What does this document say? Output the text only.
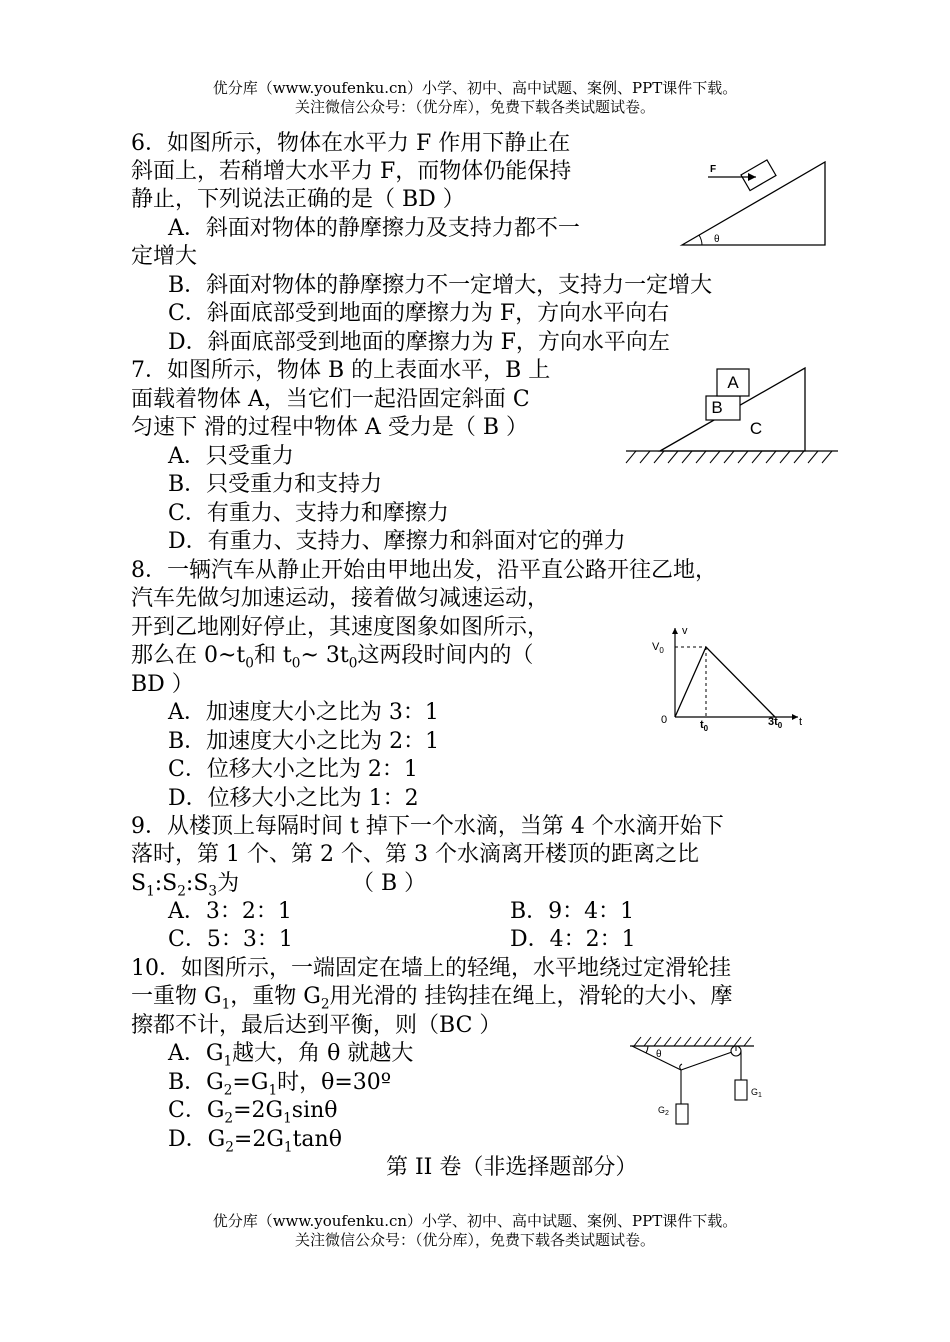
优分库（www.youfenku.cn）小学、初中、高中试题、案例、PPT课件下载。
关注微信公众号：（优分库），免费下载各类试题试卷。
6．如图所示，物体在水平力 F 作用下静止在
斜面上，若稍增大水平力 F，而物体仍能保持
静止，下列说法正确的是（ BD ）
A．斜面对物体的静摩擦力及支持力都不一
定增大
B．斜面对物体的静摩擦力不一定增大，支持力一定增大
C．斜面底部受到地面的摩擦力为 F，方向水平向右
D．斜面底部受到地面的摩擦力为 F，方向水平向左
F
θ
7．如图所示，物体 B 的上表面水平，B 上
面载着物体 A，当它们一起沿固定斜面 C
匀速下 滑的过程中物体 A 受力是（ B ）
A．只受重力
B．只受重力和支持力
C．有重力、支持力和摩擦力
D．有重力、支持力、摩擦力和斜面对它的弹力
A
B
C
8．一辆汽车从静止开始由甲地出发，沿平直公路开往乙地，
汽车先做匀加速运动，接着做匀减速运动，
开到乙地刚好停止，其速度图象如图所示，
那么在 $0\sim t_0$和 $t_0\sim$ $3t_0$这两段时间内的（
BD ）
A．加速度大小之比为 3：1
B．加速度大小之比为 2：1
C．位移大小之比为 2：1
D．位移大小之比为 1：2
$V_0$
v
0	$t_0$
$3t_0$ t
9．从楼顶上每隔时间 t 掉下一个水滴，当第 4 个水滴开始下
落时，第 1 个、第 2 个、第 3 个水滴离开楼顶的距离之比
$S_1:S_2:S_3$为	（ B ）
A．3：2：1	B．9：4：1
C．5：3：1	D．4：2：1
10．如图所示，一端固定在墙上的轻绳，水平地绕过定滑轮挂
一重物 $G_1$，重物 $G_2$用光滑的 挂钩挂在绳上，滑轮的大小、摩
擦都不计，最后达到平衡，则（BC ）
A．$G_1$越大，角 θ 就越大
B．$G_2=G_1$时，θ=30º
C．$G_2=2G_1\sin\theta$
D．$G_2=2G_1\tan\theta$
θ
$G_1$
$G_2$
第 II 卷（非选择题部分）
优分库（www.youfenku.cn）小学、初中、高中试题、案例、PPT课件下载。
关注微信公众号：（优分库），免费下载各类试题试卷。
